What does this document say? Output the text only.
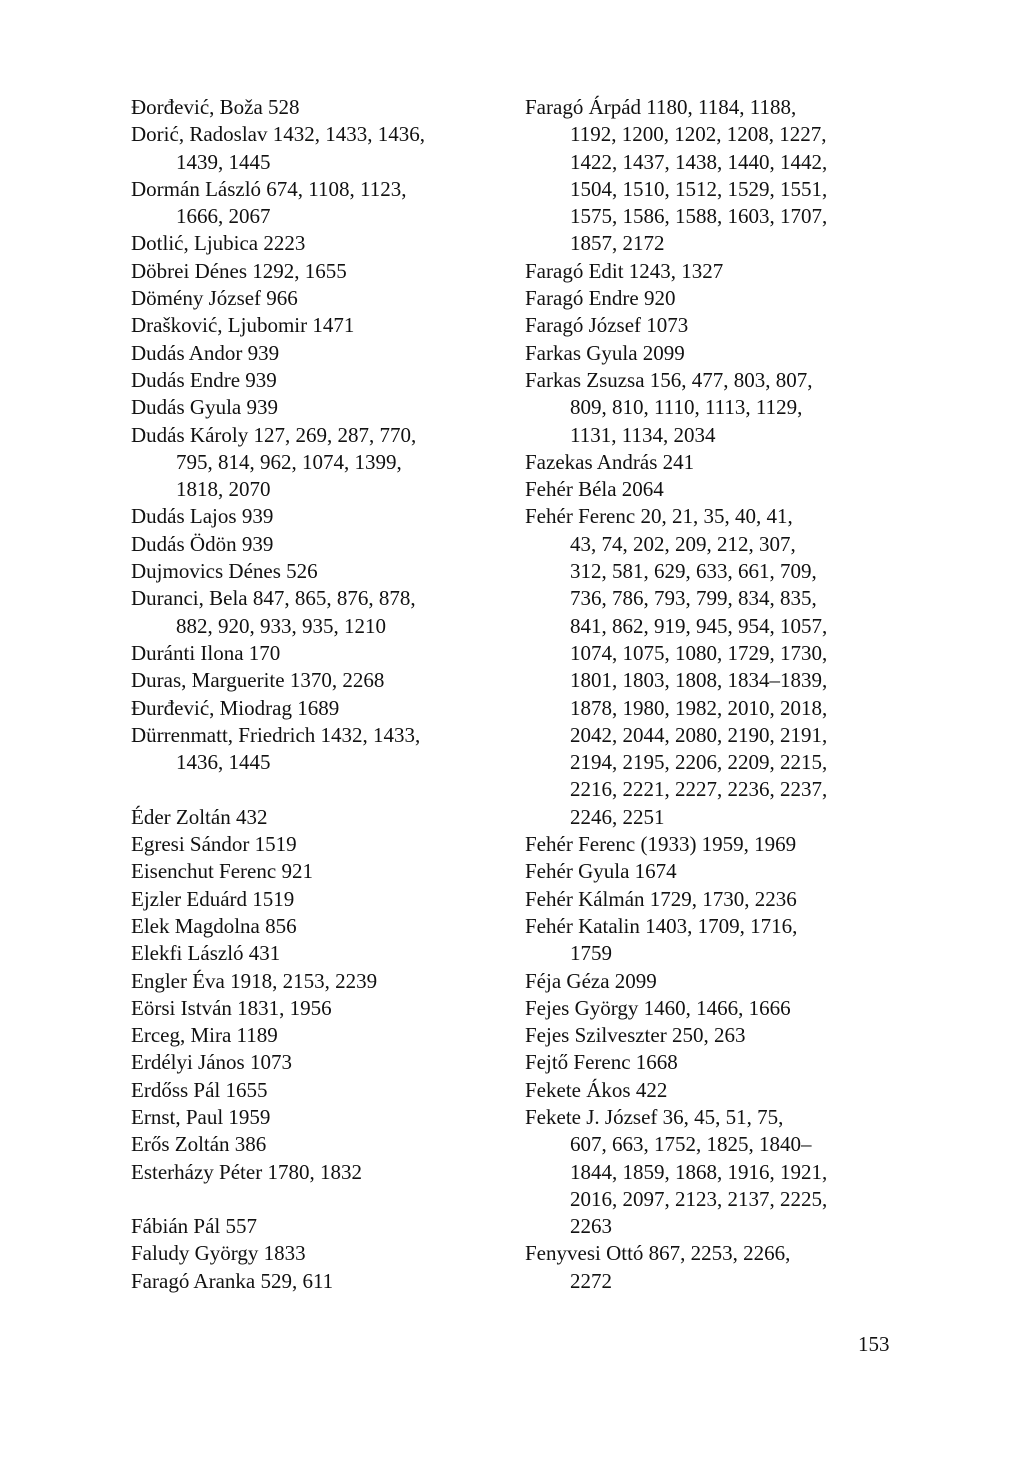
Đorđević, Boža 528
Dorić, Radoslav 1432, 1433, 1436,
1439, 1445
Dormán László 674, 1108, 1123,
1666, 2067
Dotlić, Ljubica 2223
Döbrei Dénes 1292, 1655
Dömény József 966
Drašković, Ljubomir 1471
Dudás Andor 939
Dudás Endre 939
Dudás Gyula 939
Dudás Károly 127, 269, 287, 770,
795, 814, 962, 1074, 1399,
1818, 2070
Dudás Lajos 939
Dudás Ödön 939
Dujmovics Dénes 526
Duranci, Bela 847, 865, 876, 878,
882, 920, 933, 935, 1210
Duránti Ilona 170
Duras, Marguerite 1370, 2268
Đurđević, Miodrag 1689
Dürrenmatt, Friedrich 1432, 1433,
1436, 1445
Éder Zoltán 432
Egresi Sándor 1519
Eisenchut Ferenc 921
Ejzler Eduárd 1519
Elek Magdolna 856
Elekfi László 431
Engler Éva 1918, 2153, 2239
Eörsi István 1831, 1956
Erceg, Mira 1189
Erdélyi János 1073
Erdőss Pál 1655
Ernst, Paul 1959
Erős Zoltán 386
Esterházy Péter 1780, 1832
Fábián Pál 557
Faludy György 1833
Faragó Aranka 529, 611
Faragó Árpád 1180, 1184, 1188,
1192, 1200, 1202, 1208, 1227,
1422, 1437, 1438, 1440, 1442,
1504, 1510, 1512, 1529, 1551,
1575, 1586, 1588, 1603, 1707,
1857, 2172
Faragó Edit 1243, 1327
Faragó Endre 920
Faragó József 1073
Farkas Gyula 2099
Farkas Zsuzsa 156, 477, 803, 807,
809, 810, 1110, 1113, 1129,
1131, 1134, 2034
Fazekas András 241
Fehér Béla 2064
Fehér Ferenc 20, 21, 35, 40, 41,
43, 74, 202, 209, 212, 307,
312, 581, 629, 633, 661, 709,
736, 786, 793, 799, 834, 835,
841, 862, 919, 945, 954, 1057,
1074, 1075, 1080, 1729, 1730,
1801, 1803, 1808, 1834–1839,
1878, 1980, 1982, 2010, 2018,
2042, 2044, 2080, 2190, 2191,
2194, 2195, 2206, 2209, 2215,
2216, 2221, 2227, 2236, 2237,
2246, 2251
Fehér Ferenc (1933) 1959, 1969
Fehér Gyula 1674
Fehér Kálmán 1729, 1730, 2236
Fehér Katalin 1403, 1709, 1716,
1759
Féja Géza 2099
Fejes György 1460, 1466, 1666
Fejes Szilveszter 250, 263
Fejtő Ferenc 1668
Fekete Ákos 422
Fekete J. József 36, 45, 51, 75,
607, 663, 1752, 1825, 1840–
1844, 1859, 1868, 1916, 1921,
2016, 2097, 2123, 2137, 2225,
2263
Fenyvesi Ottó 867, 2253, 2266,
2272
153
